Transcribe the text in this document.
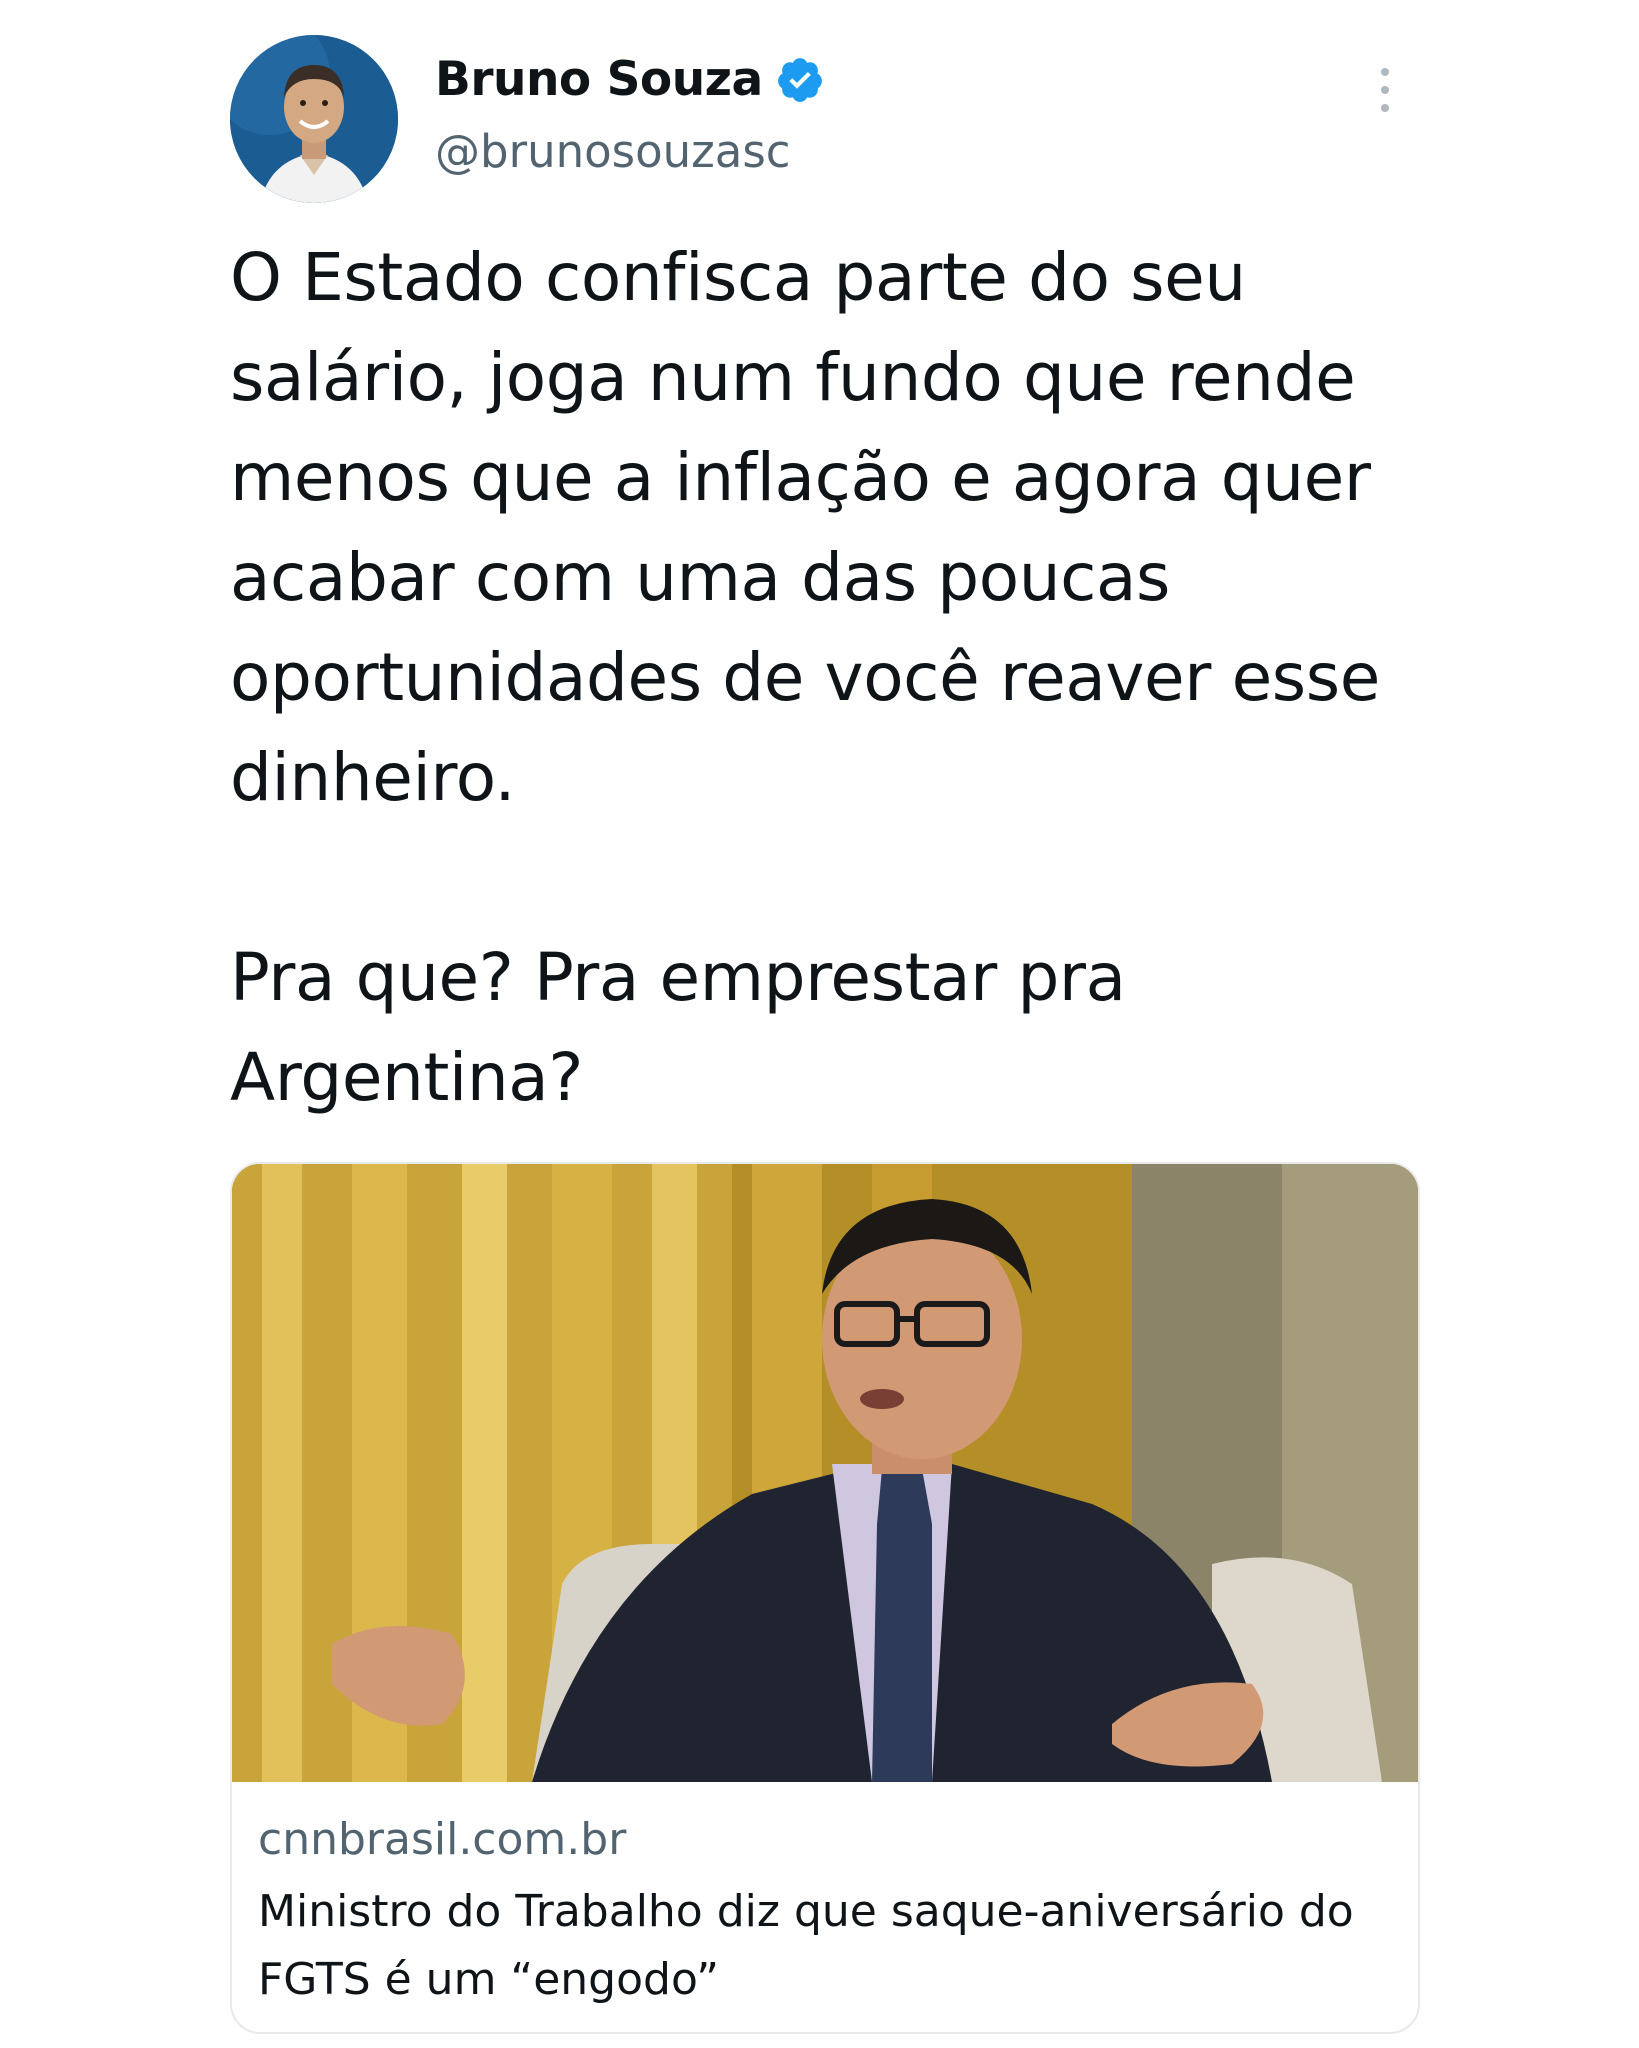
Bruno Souza
@brunosouzasc

O Estado confisca parte do seu salário, joga num fundo que rende menos que a inflação e agora quer acabar com uma das poucas oportunidades de você reaver esse dinheiro.

Pra que? Pra emprestar pra Argentina?

cnnbrasil.com.br
Ministro do Trabalho diz que saque-aniversário do FGTS é um “engodo”
